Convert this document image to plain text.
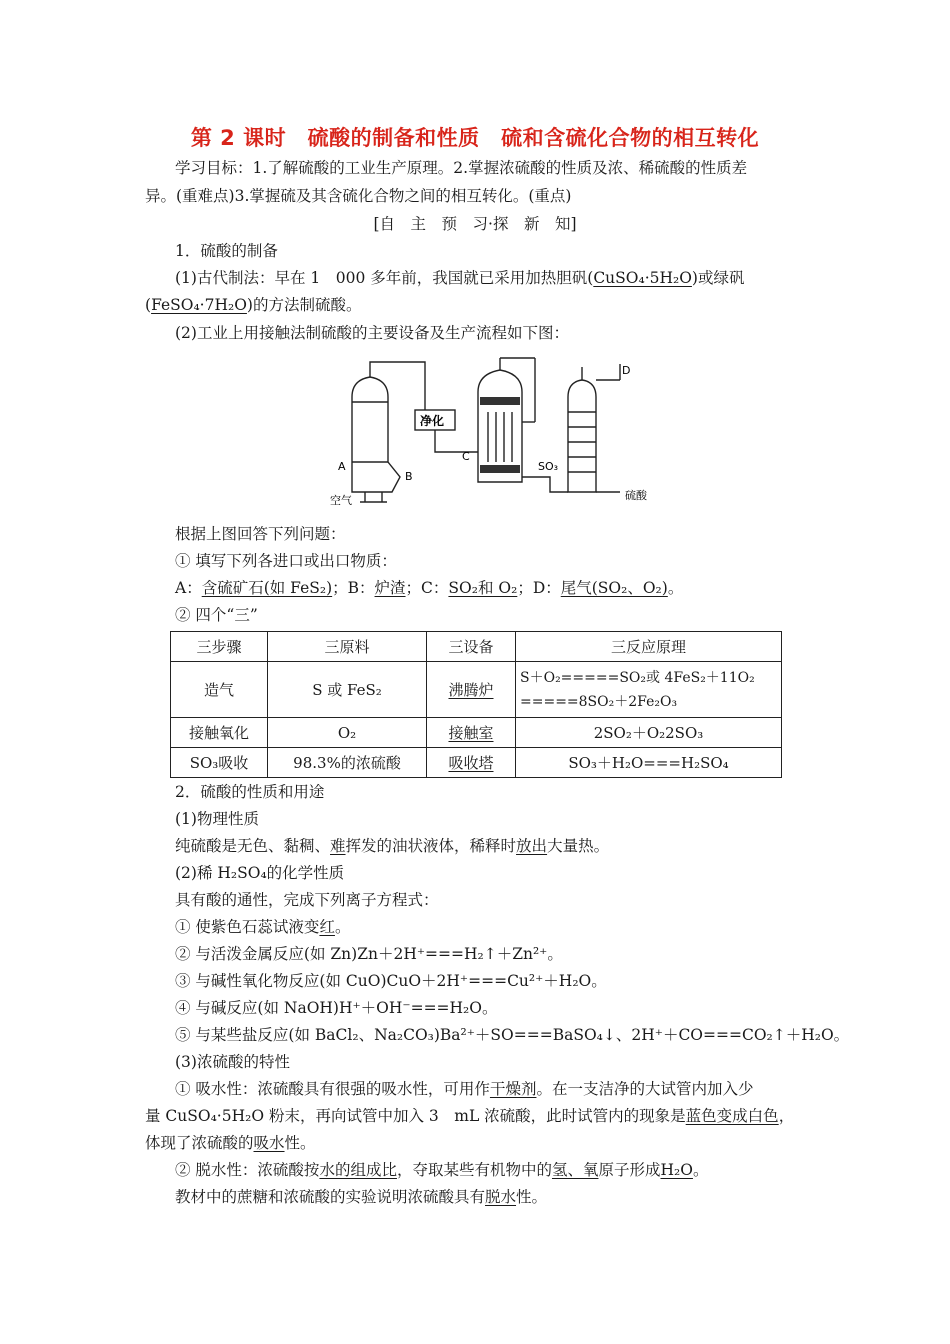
第 2 课时　硫酸的制备和性质　硫和含硫化合物的相互转化
学习目标：1.了解硫酸的工业生产原理。2.掌握浓硫酸的性质及浓、稀硫酸的性质差
异。(重难点)3.掌握硫及其含硫化合物之间的相互转化。(重点)
[自　主　预　习·探　新　知]
1．硫酸的制备
(1)古代制法：早在 1　000 多年前，我国就已采用加热胆矾(CuSO₄·5H₂O)或绿矾
(FeSO₄·7H₂O)的方法制硫酸。
(2)工业上用接触法制硫酸的主要设备及生产流程如下图：
A
B
C
D
净化
空气
SO₃
硫酸
根据上图回答下列问题：
① 填写下列各进口或出口物质：
A：含硫矿石(如 FeS₂)；B：炉渣；C：SO₂和 O₂；D：尾气(SO₂、O₂)。
② 四个“三”
三步骤	三原料	三设备	三反应原理
造气	S 或 FeS₂	沸腾炉	S＋O₂=====SO₂或 4FeS₂＋11O₂
=====8SO₂＋2Fe₂O₃

接触氧化	O₂	接触室	2SO₂＋O₂2SO₃
SO₃吸收	98.3%的浓硫酸	吸收塔	SO₃＋H₂O===H₂SO₄
2．硫酸的性质和用途
(1)物理性质
纯硫酸是无色、黏稠、难挥发的油状液体，稀释时放出大量热。
(2)稀 H₂SO₄的化学性质
具有酸的通性，完成下列离子方程式：
① 使紫色石蕊试液变红。
② 与活泼金属反应(如 Zn)Zn＋2H⁺===H₂↑＋Zn²⁺。
③ 与碱性氧化物反应(如 CuO)CuO＋2H⁺===Cu²⁺＋H₂O。
④ 与碱反应(如 NaOH)H⁺＋OH⁻===H₂O。
⑤ 与某些盐反应(如 BaCl₂、Na₂CO₃)Ba²⁺＋SO===BaSO₄↓、2H⁺＋CO===CO₂↑＋H₂O。
(3)浓硫酸的特性
① 吸水性：浓硫酸具有很强的吸水性，可用作干燥剂。在一支洁净的大试管内加入少
量 CuSO₄·5H₂O 粉末，再向试管中加入 3　mL 浓硫酸，此时试管内的现象是蓝色变成白色，
体现了浓硫酸的吸水性。
② 脱水性：浓硫酸按水的组成比，夺取某些有机物中的氢、氧原子形成H₂O。
教材中的蔗糖和浓硫酸的实验说明浓硫酸具有脱水性。
